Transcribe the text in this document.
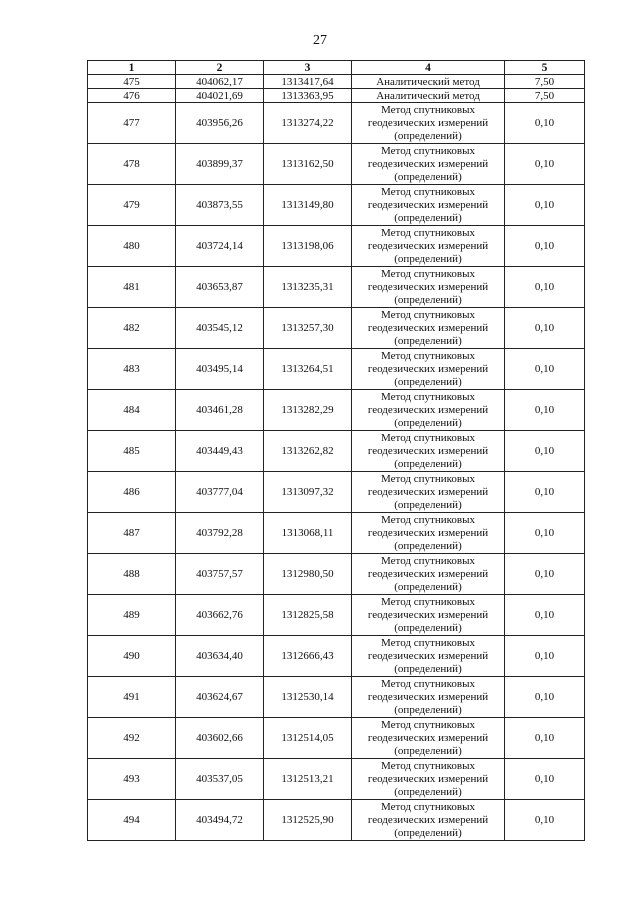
27
1	2	3	4	5
475	404062,17	1313417,64	Аналитический метод	7,50
476	404021,69	1313363,95	Аналитический метод	7,50
477	403956,26	1313274,22	Метод спутниковых
геодезических измерений
(определений)	0,10
478	403899,37	1313162,50	Метод спутниковых
геодезических измерений
(определений)	0,10
479	403873,55	1313149,80	Метод спутниковых
геодезических измерений
(определений)	0,10
480	403724,14	1313198,06	Метод спутниковых
геодезических измерений
(определений)	0,10
481	403653,87	1313235,31	Метод спутниковых
геодезических измерений
(определений)	0,10
482	403545,12	1313257,30	Метод спутниковых
геодезических измерений
(определений)	0,10
483	403495,14	1313264,51	Метод спутниковых
геодезических измерений
(определений)	0,10
484	403461,28	1313282,29	Метод спутниковых
геодезических измерений
(определений)	0,10
485	403449,43	1313262,82	Метод спутниковых
геодезических измерений
(определений)	0,10
486	403777,04	1313097,32	Метод спутниковых
геодезических измерений
(определений)	0,10
487	403792,28	1313068,11	Метод спутниковых
геодезических измерений
(определений)	0,10
488	403757,57	1312980,50	Метод спутниковых
геодезических измерений
(определений)	0,10
489	403662,76	1312825,58	Метод спутниковых
геодезических измерений
(определений)	0,10
490	403634,40	1312666,43	Метод спутниковых
геодезических измерений
(определений)	0,10
491	403624,67	1312530,14	Метод спутниковых
геодезических измерений
(определений)	0,10
492	403602,66	1312514,05	Метод спутниковых
геодезических измерений
(определений)	0,10
493	403537,05	1312513,21	Метод спутниковых
геодезических измерений
(определений)	0,10
494	403494,72	1312525,90	Метод спутниковых
геодезических измерений
(определений)	0,10
